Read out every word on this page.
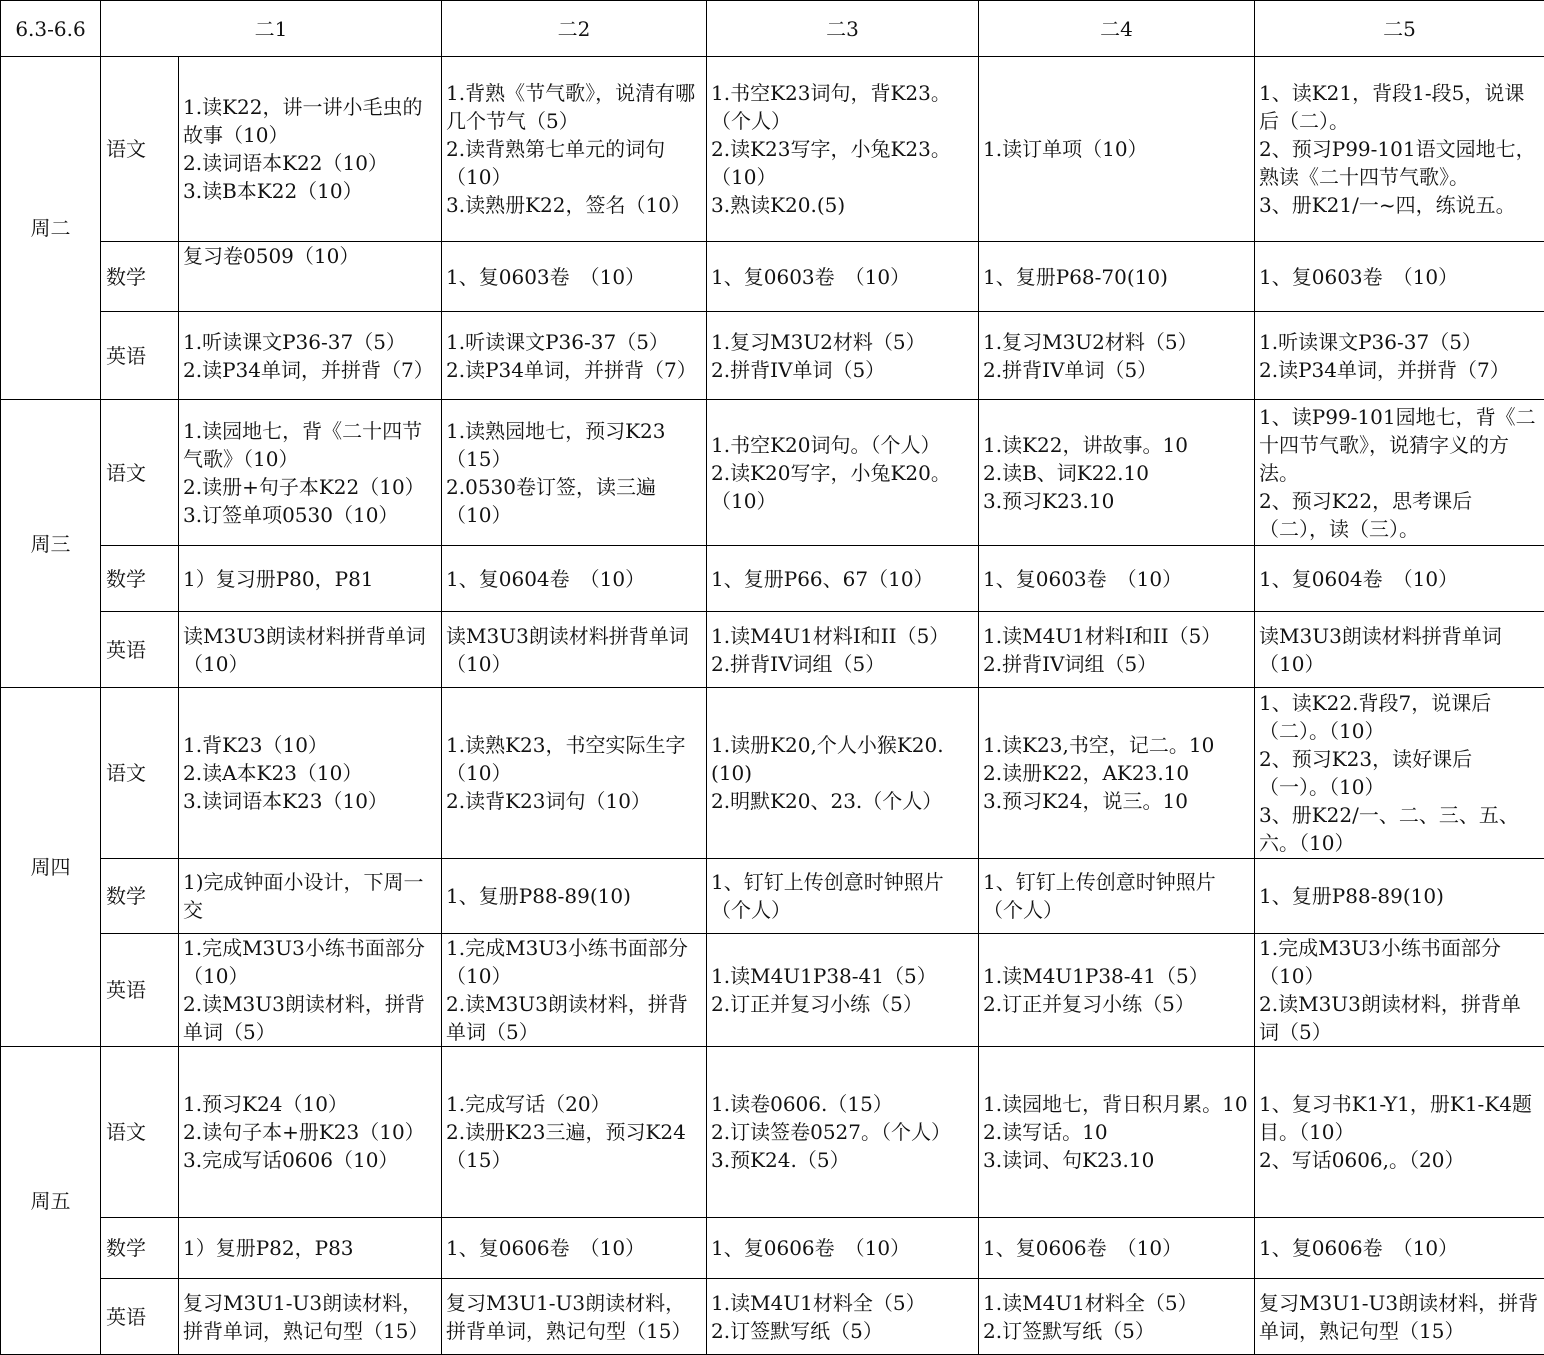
6.3-6.6	二1		二2	二3	二4	二5
周二	语文	1.读K22，讲一讲小毛虫的故事（10）
2.读词语本K22（10）
3.读B本K22（10）	1.背熟《节气歌》，说清有哪几个节气（5）
2.读背熟第七单元的词句（10）
3.读熟册K22，签名（10）	1.书空K23词句，背K23。（个人）
2.读K23写字，小兔K23。（10）
3.熟读K20.(5)	1.读订单项（10）	1、读K21，背段1-段5，说课后（二）。
2、预习P99-101语文园地七，熟读《二十四节气歌》。
3、册K21/一~四，练说五。

	数学	复习卷0509（10）	1、复0603卷　（10）	1、复0603卷　（10）	1、复册P68-70(10)	1、复0603卷　（10）

	英语	1.听读课文P36-37（5）
2.读P34单词，并拼背（7）	1.听读课文P36-37（5）
2.读P34单词，并拼背（7）	1.复习M3U2材料（5）
2.拼背IV单词（5）	1.复习M3U2材料（5）
2.拼背IV单词（5）	1.听读课文P36-37（5）
2.读P34单词，并拼背（7）

周三	语文	1.读园地七，背《二十四节气歌》（10）
2.读册+句子本K22（10）
3.订签单项0530（10）	1.读熟园地七，预习K23（15）
2.0530卷订签，读三遍（10）	1.书空K20词句。（个人）
2.读K20写字，小兔K20。（10）	1.读K22，讲故事。10
2.读B、词K22.10
3.预习K23.10	1、读P99-101园地七，背《二十四节气歌》，说猜字义的方法。
2、预习K22，思考课后（二），读（三）。

	数学	1）复习册P80，P81	1、复0604卷　（10）	1、复册P66、67（10）	1、复0603卷　（10）	1、复0604卷　（10）

	英语	读M3U3朗读材料拼背单词（10）	读M3U3朗读材料拼背单词（10）	1.读M4U1材料I和II（5）
2.拼背IV词组（5）	1.读M4U1材料I和II（5）
2.拼背IV词组（5）	读M3U3朗读材料拼背单词（10）

周四	语文	1.背K23（10）
2.读A本K23（10）
3.读词语本K23（10）	1.读熟K23，书空实际生字（10）
2.读背K23词句（10）	1.读册K20,个人小猴K20.(10)
2.明默K20、23.（个人）	1.读K23,书空，记二。10
2.读册K22，AK23.10
3.预习K24，说三。10	1、读K22.背段7，说课后（二）。（10）
2、预习K23，读好课后（一）。（10）
3、册K22/一、二、三、五、六。（10）

	数学	1)完成钟面小设计，下周一交	1、复册P88-89(10)	1、钉钉上传创意时钟照片（个人）	1、钉钉上传创意时钟照片（个人）	1、复册P88-89(10)

	英语	1.完成M3U3小练书面部分（10）
2.读M3U3朗读材料，拼背单词（5）	1.完成M3U3小练书面部分（10）
2.读M3U3朗读材料，拼背单词（5）	1.读M4U1P38-41（5）
2.订正并复习小练（5）	1.读M4U1P38-41（5）
2.订正并复习小练（5）	1.完成M3U3小练书面部分（10）
2.读M3U3朗读材料，拼背单词（5）

周五	语文	1.预习K24（10）
2.读句子本+册K23（10）
3.完成写话0606（10）	1.完成写话（20）
2.读册K23三遍，预习K24（15）	1.读卷0606.（15）
2.订读签卷0527。（个人）
3.预K24.（5）	1.读园地七，背日积月累。10
2.读写话。10
3.读词、句K23.10	1、复习书K1-Y1，册K1-K4题目。（10）
2、写话0606,。（20）

	数学	1）复册P82，P83	1、复0606卷　（10）	1、复0606卷　（10）	1、复0606卷　（10）	1、复0606卷　（10）

	英语	复习M3U1-U3朗读材料，拼背单词，熟记句型（15）	复习M3U1-U3朗读材料，拼背单词，熟记句型（15）	1.读M4U1材料全（5）
2.订签默写纸（5）	1.读M4U1材料全（5）
2.订签默写纸（5）	复习M3U1-U3朗读材料，拼背单词，熟记句型（15）
